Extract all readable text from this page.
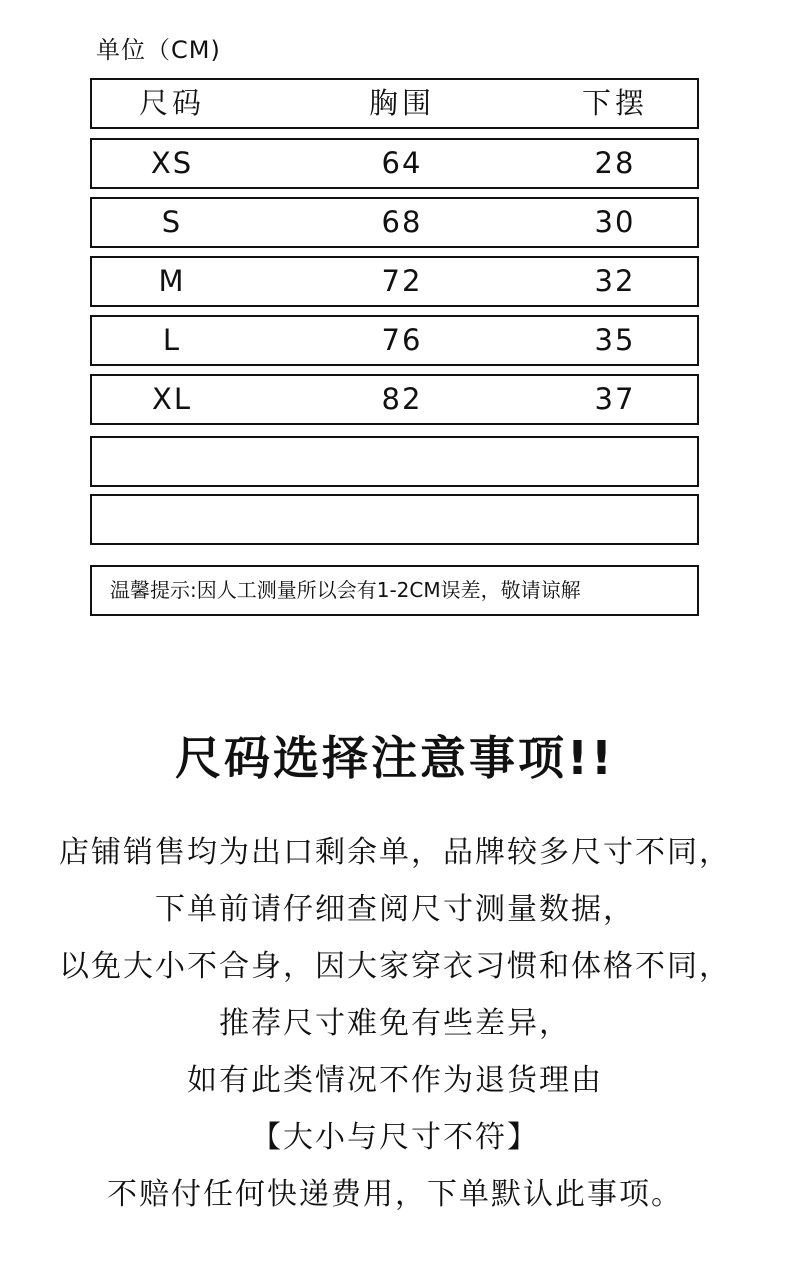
单位（CM)
尺码	胸围	下摆
XS	64	28
S	68	30
M	72	32
L	76	35
XL	82	37
温馨提示:因人工测量所以会有1-2CM误差，敬请谅解
尺码选择注意事项!!
店铺销售均为出口剩余单，品牌较多尺寸不同，
下单前请仔细查阅尺寸测量数据，
以免大小不合身，因大家穿衣习惯和体格不同，
推荐尺寸难免有些差异，
如有此类情况不作为退货理由
【大小与尺寸不符】
不赔付任何快递费用，下单默认此事项。
